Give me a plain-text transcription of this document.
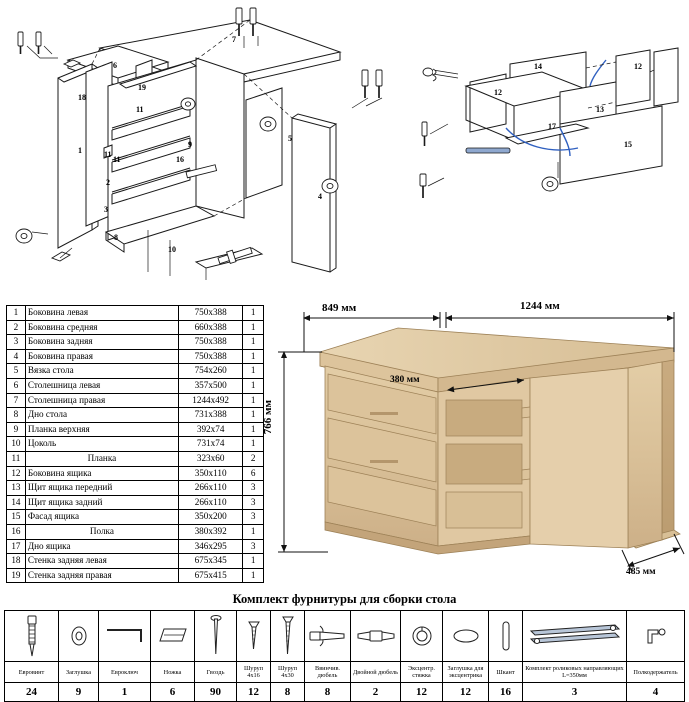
1
2
11
3
4
5
6
7
8
9
10
16
18
19
11
11
14
12
12
13
15
17
1	Боковина левая	750x388	1
2	Боковина средняя	660х388	1
3	Боковина задняя	750х388	1
4	Боковина правая	750х388	1
5	Вязка стола	754х260	1
6	Столешница левая	357х500	1
7	Столешница правая	1244х492	1
8	Дно стола	731х388	1
9	Планка верхняя	392х74	1
10	Цоколь	731х74	1
11	Планка	323х60	2
12	Боковина ящика	350х110	6
13	Щит ящика передний	266х110	3
14	Щит ящика задний	266х110	3
15	Фасад ящика	350х200	3
16	Полка	380х392	1
17	Дно ящика	346х295	3
18	Стенка задняя левая	675х345	1
19	Стенка задняя правая	675х415	1
849 мм	1244 мм
766 мм
380 мм
485 мм
Комплект фурнитуры для сборки стола

Евровинт	Заглушка	Евроключ	Ножка	Гвоздь	Шуруп 4х16	Шуруп 4х30	Ввинчив. дюбель	Двойной дюбель	Эксцентр. стяжка	Заглушка для эксцентрика	Шкант	Комплект роликовых направляющих L=350мм	Полкодержатель
24	9	1	6	90	12	8	8	2	12	12	16	3	4
